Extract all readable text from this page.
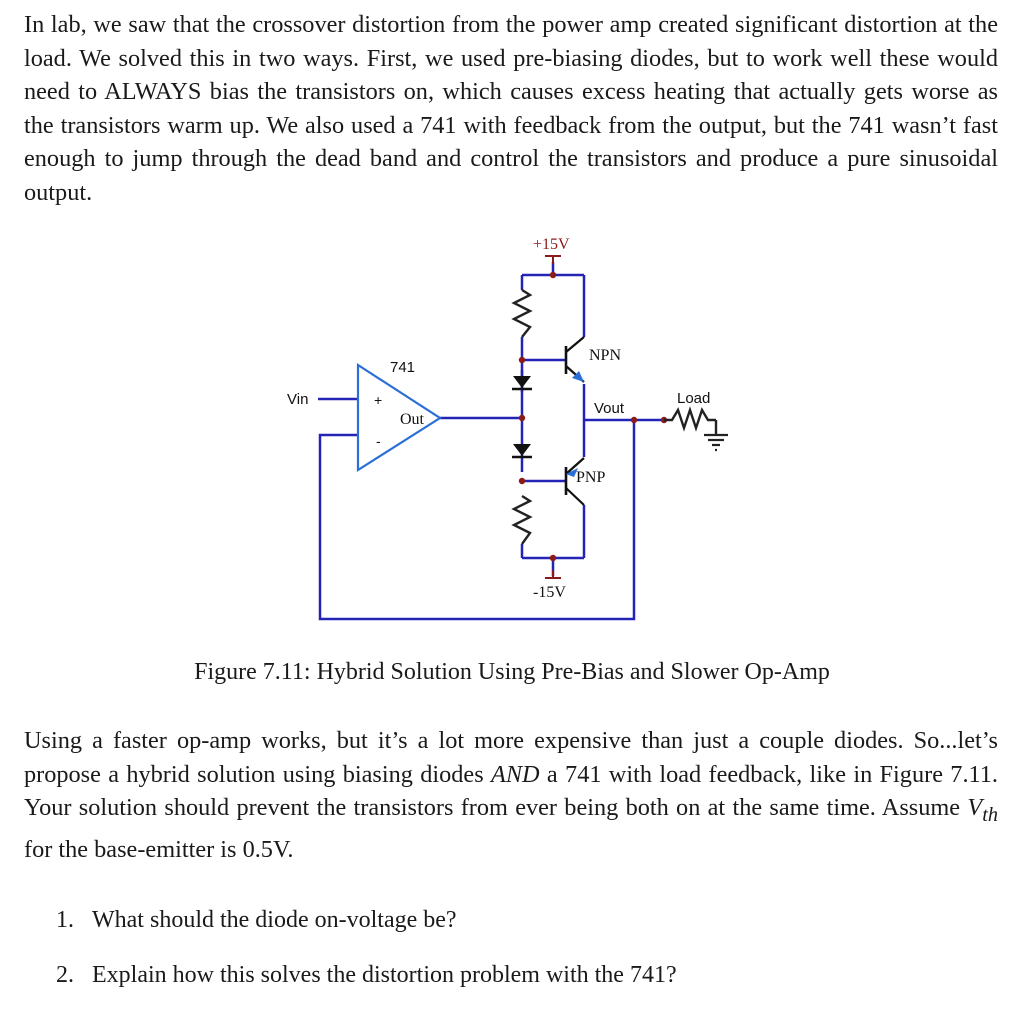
In lab, we saw that the crossover distortion from the power amp created significant distortion at the load. We solved this in two ways. First, we used pre-biasing diodes, but to work well these would need to ALWAYS bias the transistors on, which causes excess heating that actually gets worse as the transistors warm up. We also used a 741 with feedback from the output, but the 741 wasn’t fast enough to jump through the dead band and control the transistors and produce a pure sinusoidal output.

+15V
-15V
NPN
PNP
741
Out
+
-
Vin
Vout
Load
Figure 7.11: Hybrid Solution Using Pre-Bias and Slower Op-Amp

Using a faster op-amp works, but it’s a lot more expensive than just a couple diodes. So...let’s propose a hybrid solution using biasing diodes AND a 741 with load feedback, like in Figure 7.11. Your solution should prevent the transistors from ever being both on at the same time. Assume $V_{th}$ for the base-emitter is 0.5V.

1. What should the diode on-voltage be?
2. Explain how this solves the distortion problem with the 741?
